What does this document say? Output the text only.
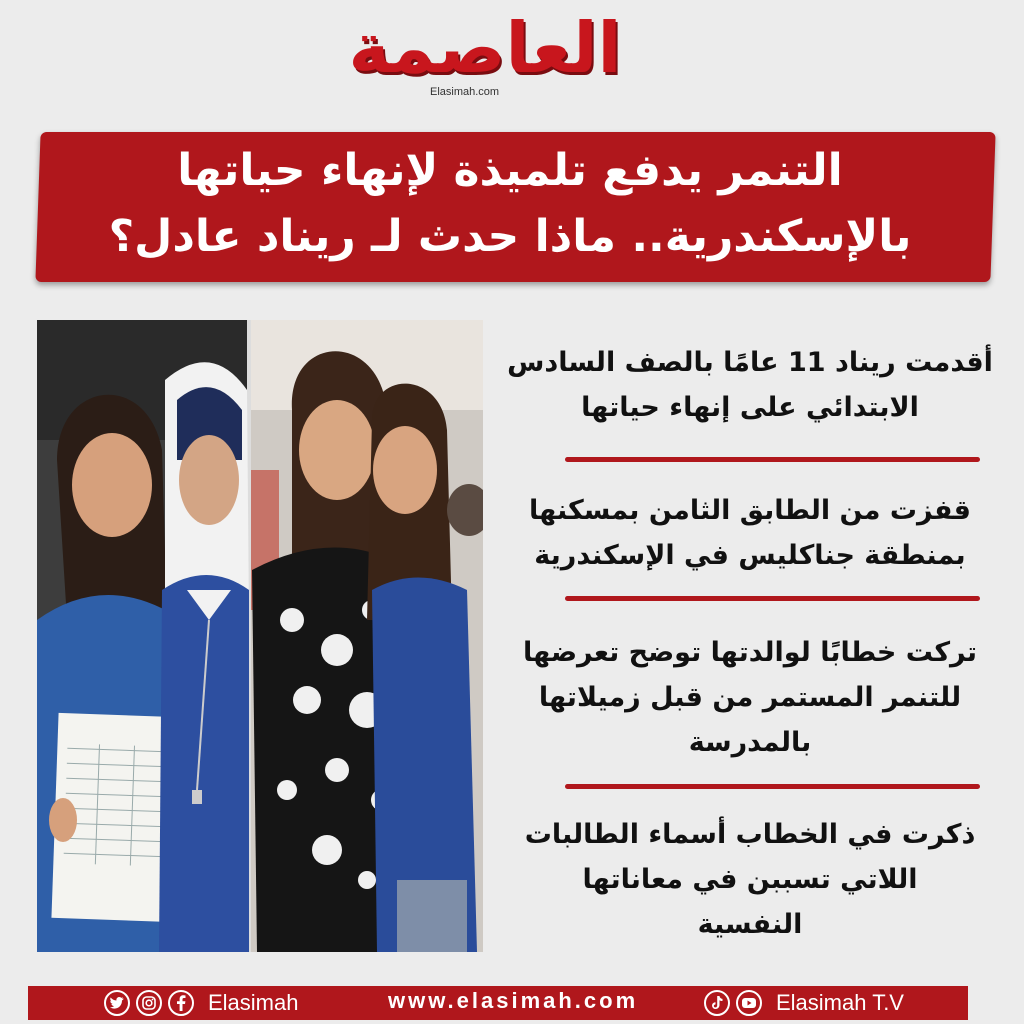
العاصمة
Elasimah.com
التنمر يدفع تلميذة لإنهاء حياتها
بالإسكندرية.. ماذا حدث لـ ريناد عادل؟
أقدمت ريناد 11 عامًا بالصف السادس
الابتدائي على إنهاء حياتها
قفزت من الطابق الثامن بمسكنها
بمنطقة جناكليس في الإسكندرية
تركت خطابًا لوالدتها توضح تعرضها
للتنمر المستمر من قبل زميلاتها
بالمدرسة
ذكرت في الخطاب أسماء الطالبات
اللاتي تسببن في معاناتها
النفسية
Elasimah	www.elasimah.com	Elasimah T.V
